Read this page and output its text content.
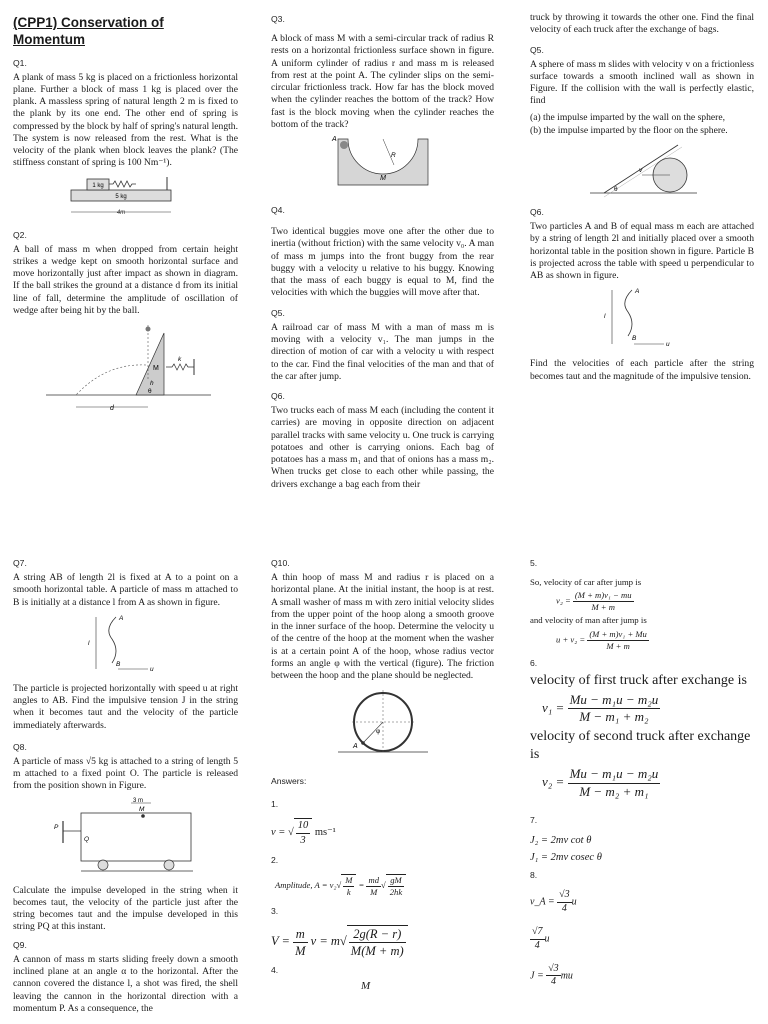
(CPP1) Conservation of Momentum
Q1.

A plank of mass 5 kg is placed on a frictionless horizontal plane. Further a block of mass 1 kg is placed over the plank. A massless spring of natural length 2 m is fixed to the plank by its one end. The other end of spring is compressed by the block by half of spring's natural length. The system is now released from the rest. What is the velocity of the plank when block leaves the plank? (The stiffness constant of spring is 100 Nm⁻¹).

1 kg
5 kg
4m
Q2.

A ball of mass m when dropped from certain height strikes a wedge kept on smooth horizontal surface and move horizontally just after impact as shown in diagram. If the ball strikes the ground at a distance d from its initial line of fall, determine the amplitude of oscillation of wedge after being hit by the ball.

M
k
h
θ
d
Q3.

A block of mass M with a semi-circular track of radius R rests on a horizontal frictionless surface shown in figure. A uniform cylinder of radius r and mass m is released from rest at the point A. The cylinder slips on the semi-circular frictionless track. How far has the block moved when the cylinder reaches the bottom of the track? How fast is the block moving when the cylinder reaches the bottom of the track?

A
R
M
Q4.

Two identical buggies move one after the other due to inertia (without friction) with the same velocity v₀. A man of mass m jumps into the front buggy from the rear buggy with a velocity u relative to his buggy. Knowing that the mass of each buggy is equal to M, find the velocities with which the buggies will move after that.

Q5.

A railroad car of mass M with a man of mass m is moving with a velocity v₁. The man jumps in the direction of motion of car with a velocity u with respect to the car. Find the final velocities of the man and that of the car after jump.

Q6.

Two trucks each of mass M each (including the content it carries) are moving in opposite direction on adjacent parallel tracks with same velocity u. One truck is carrying potatoes and other is carrying onions. Each bag of potatoes has a mass m₁ and that of onions has a mass m₂. When trucks get close to each other while passing, the drivers exchange a bag each from their

truck by throwing it towards the other one. Find the final velocity of each truck after the exchange of bags.

Q5.

A sphere of mass m slides with velocity v on a frictionless surface towards a smooth inclined wall as shown in Figure. If the collision with the wall is perfectly elastic, find

(a) the impulse imparted by the wall on the sphere,
(b) the impulse imparted by the floor on the sphere.
v
θ
Q6.

Two particles A and B of equal mass m each are attached by a string of length 2l and initially placed over a smooth horizontal table in the position shown in figure. Particle B is projected across the table with speed u perpendicular to AB as shown in figure.

A
B
l
u

Find the velocities of each particle after the string becomes taut and the magnitude of the impulsive tension.

Q7.

A string AB of length 2l is fixed at A to a point on a smooth horizontal table. A particle of mass m attached to B is initially at a distance l from A as shown in figure.

A
B
l
u

The particle is projected horizontally with speed u at right angles to AB. Find the impulsive tension J in the string when it becomes taut and the velocity of the particle immediately afterwards.

Q8.

A particle of mass √5 kg is attached to a string of length 5 m attached to a fixed point O. The particle is released from the position shown in Figure.

3 m
M
P
Q

Calculate the impulse developed in the string when it becomes taut, the velocity of the particle just after the string becomes taut and the impulse developed in this string PQ at this instant.

Q9.

A cannon of mass m starts sliding freely down a smooth inclined plane at an angle α to the horizontal. After the cannon covered the distance l, a shot was fired, the shell leaving the cannon in the horizontal direction with a momentum P. As a consequence, the

Q10.

A thin hoop of mass M and radius r is placed on a horizontal plane. At the initial instant, the hoop is at rest. A small washer of mass m with zero initial velocity slides from the upper point of the hoop along a smooth groove in the inner surface of the hoop. Determine the velocity u of the centre of the hoop at the moment when the washer is at a certain point A of the hoop, whose radius vector forms an angle φ with the vertical (figure). The friction between the hoop and the plane should be neglected.

A
φ
Answers:
1.
v = √ $\frac{10}{3} ms^{-1}$
2.
Amplitude, $A = v_2√ \frac{M}{k} = \frac{md}{M}$ √ $\frac{gM}{2hk}$
3.
$V = \frac{m}{M}$ $v = m√ \frac{2g(R - r)}{M(M + m)}$
4.
M
5.
So, velocity of car after jump is
$v_2 = \frac{\text{(M + m)v₁ − mu}}{M + m}$
and velocity of man after jump is
$u + v_2 = \frac{\text{(M + m)v₁ + Mu}}{M + m}$
6.
velocity of first truck after exchange is
$v_1 = \frac{\text{Mu − m₁u − m₂u}}{\text{M − m₁ + m₂}}$
velocity of second truck after exchange is
$v_2 = \frac{\text{Mu − m₁u − m₂u}}{\text{M − m₂ + m₁}}$
7.
J₂ = 2mv cot θ
J₁ = 2mv cosec θ
8.
v_A = $\frac{√3}{4}$ u
$\frac{√7}{4}$ u
$J = \frac{√3}{4}$ mu
